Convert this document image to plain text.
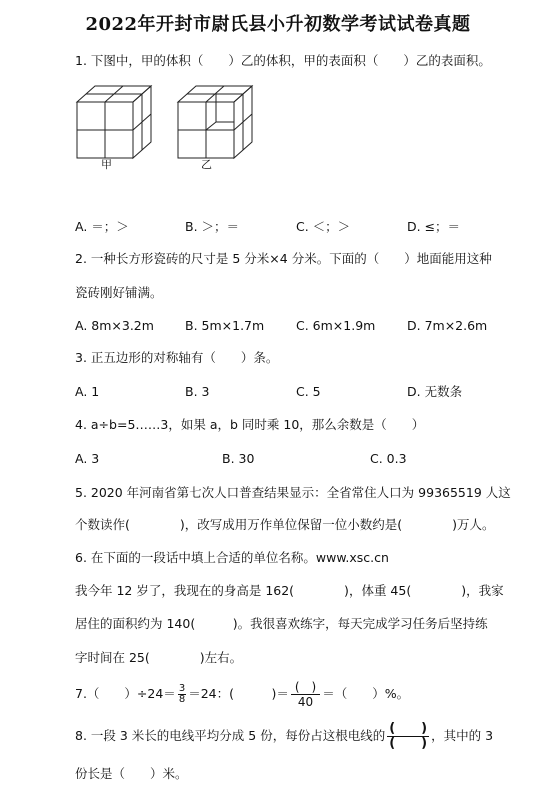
2022年开封市尉氏县小升初数学考试试卷真题
1. 下图中，甲的体积（　　）乙的体积，甲的表面积（　　）乙的表面积。
甲	乙
A. ＝；＞	B. ＞；＝	C. ＜；＞	D. ≤；＝
2. 一种长方形瓷砖的尺寸是 5 分米×4 分米。下面的（　　）地面能用这种
瓷砖刚好铺满。
A. 8m×3.2m B. 5m×1.7m	C. 6m×1.9m	D. 7m×2.6m
3. 正五边形的对称轴有（　　）条。
A. 1	B. 3	C. 5	D. 无数条
4. a÷b=5……3，如果 a，b 同时乘 10，那么余数是（　　）
A. 3	B. 30	C. 0.3
5. 2020 年河南省第七次人口普查结果显示：全省常住人口为 99365519 人这
个数读作(　　　　)，改写成用万作单位保留一位小数约是(　　　　)万人。
6. 在下面的一段话中填上合适的单位名称。www.xsc.cn
我今年 12 岁了，我现在的身高是 162(　　　　)，体重 45(　　　　)，我家
居住的面积约为 140(　　　)。我很喜欢练字，每天完成学习任务后坚持练
字时间在 25(　　　　)左右。
7.（　　）$\div 24= \frac{3}{8} =24$：(　　　)＝ $\frac{( )}{40}$ ＝（　　）%。
8. 一段 3 米长的电线平均分成 5 份，每份占这根电线的 $\frac{( )}{( )}$ ，其中的 3
份长是（　　）米。
